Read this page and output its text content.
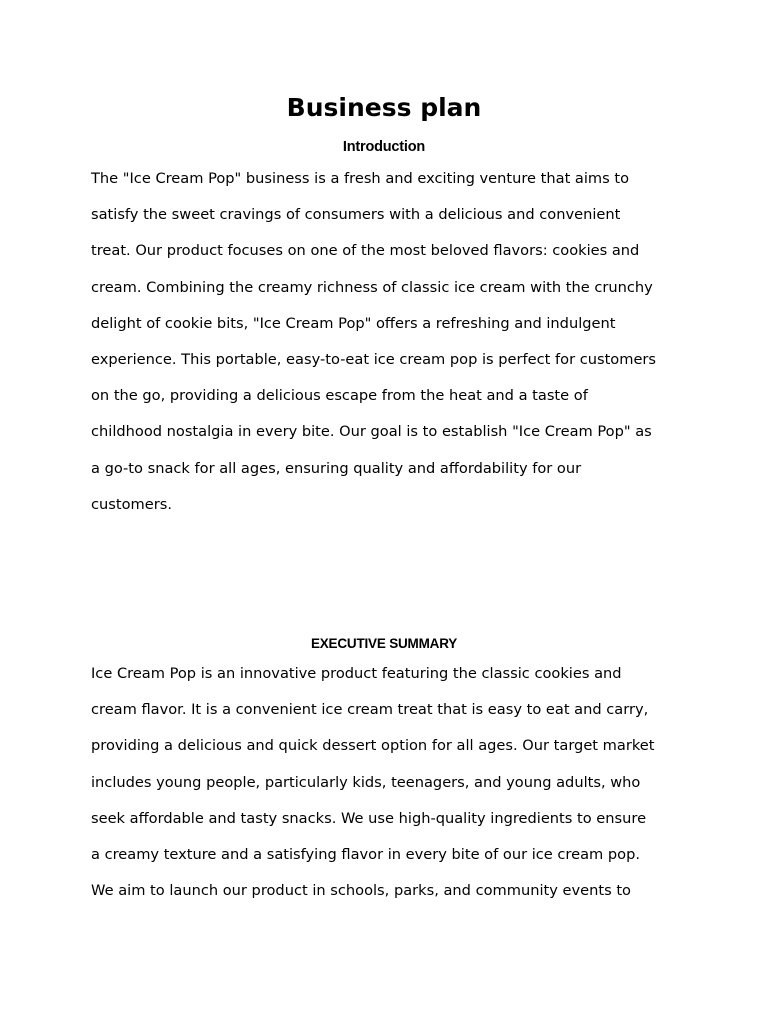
Business plan
Introduction
The "Ice Cream Pop" business is a fresh and exciting venture that aims to
satisfy the sweet cravings of consumers with a delicious and convenient
treat. Our product focuses on one of the most beloved flavors: cookies and
cream. Combining the creamy richness of classic ice cream with the crunchy
delight of cookie bits, "Ice Cream Pop" offers a refreshing and indulgent
experience. This portable, easy-to-eat ice cream pop is perfect for customers
on the go, providing a delicious escape from the heat and a taste of
childhood nostalgia in every bite. Our goal is to establish "Ice Cream Pop" as
a go-to snack for all ages, ensuring quality and affordability for our
customers.
EXECUTIVE SUMMARY
Ice Cream Pop is an innovative product featuring the classic cookies and
cream flavor. It is a convenient ice cream treat that is easy to eat and carry,
providing a delicious and quick dessert option for all ages. Our target market
includes young people, particularly kids, teenagers, and young adults, who
seek affordable and tasty snacks. We use high-quality ingredients to ensure
a creamy texture and a satisfying flavor in every bite of our ice cream pop.
We aim to launch our product in schools, parks, and community events to
